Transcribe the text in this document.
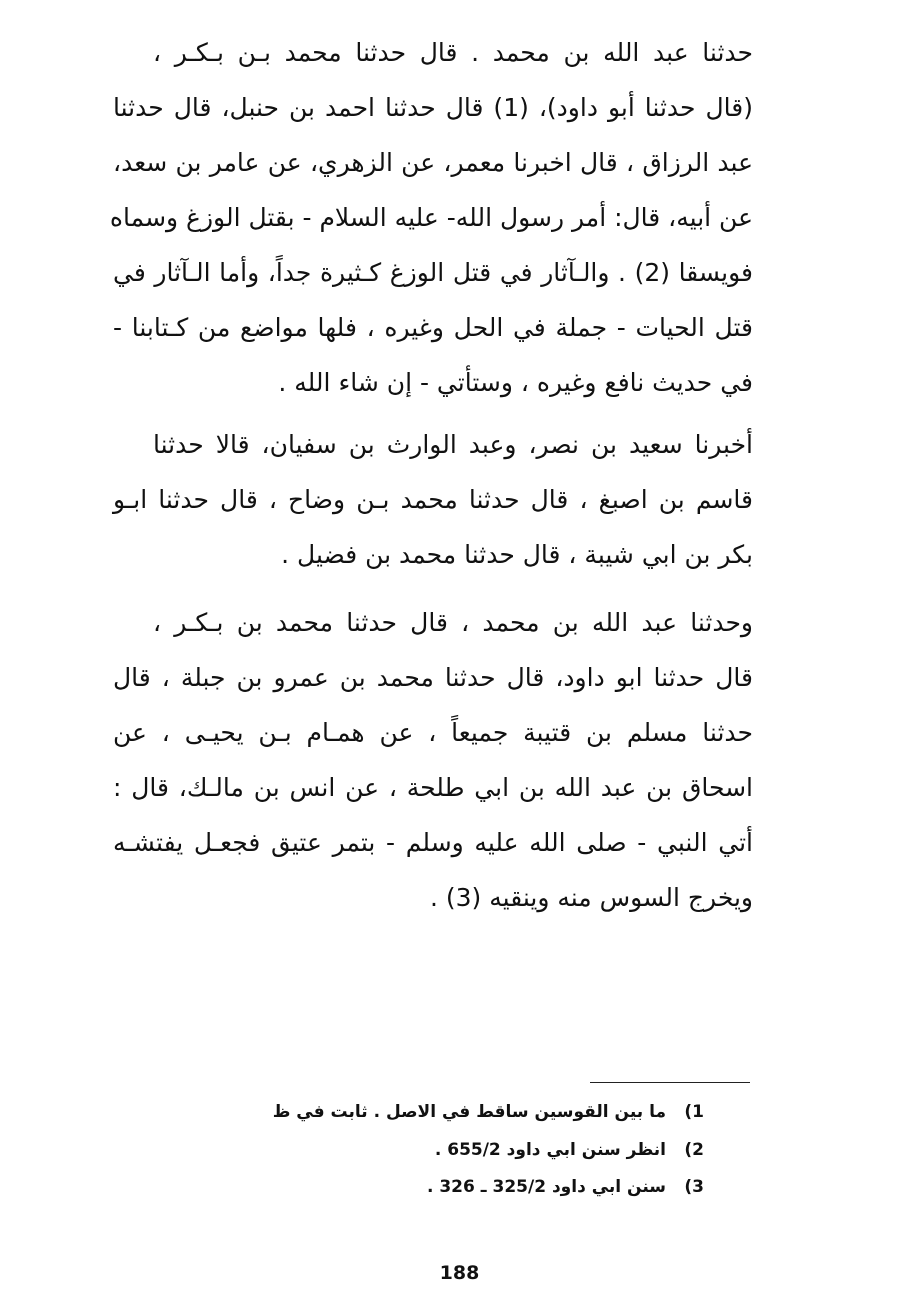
حدثنا عبد الله بن محمد . قال حدثنا محمد بـن بـكـر ،
(قال حدثنا أبو داود)، (1) قال حدثنا احمد بن حنبل، قال حدثنا
عبد الرزاق ، قال اخبرنا معمر، عن الزهري، عن عامر بن سعد،
عن أبيه، قال: أمر رسول الله- عليه السلام - بقتل الوزغ وسماه
فويسقا (2) . والـآثار في قتل الوزغ كـثيرة جداً، وأما الـآثار في
قتل الحيات - جملة في الحل وغيره ، فلها مواضع من كـتابنا -
في حديث نافع وغيره ، وستأتي - إن شاء الله .
أخبرنا سعيد بن نصر، وعبد الوارث بن سفيان، قالا حدثنا
قاسم بن اصبغ ، قال حدثنا محمد بـن وضاح ، قال حدثنا ابـو
بكر بن ابي شيبة ، قال حدثنا محمد بن فضيل .
وحدثنا عبد الله بن محمد ، قال حدثنا محمد بن بـكـر ،
قال حدثنا ابو داود، قال حدثنا محمد بن عمرو بن جبلة ، قال
حدثنا مسلم بن قتيبة جميعاً ، عن همـام بـن يحيـى ، عن
اسحاق بن عبد الله بن ابي طلحة ، عن انس بن مالـك، قال :
أتي النبي - صلى الله عليه وسلم - بتمر عتيق فجعـل يفتشـه
ويخرج السوس منه وينقيه (3) .
1)ما بين القوسين ساقط في الاصل . ثابت في ظ
2)انظر سنن ابي داود 655/2 .
3)سنن ابي داود 325/2 ـ 326 .
188
